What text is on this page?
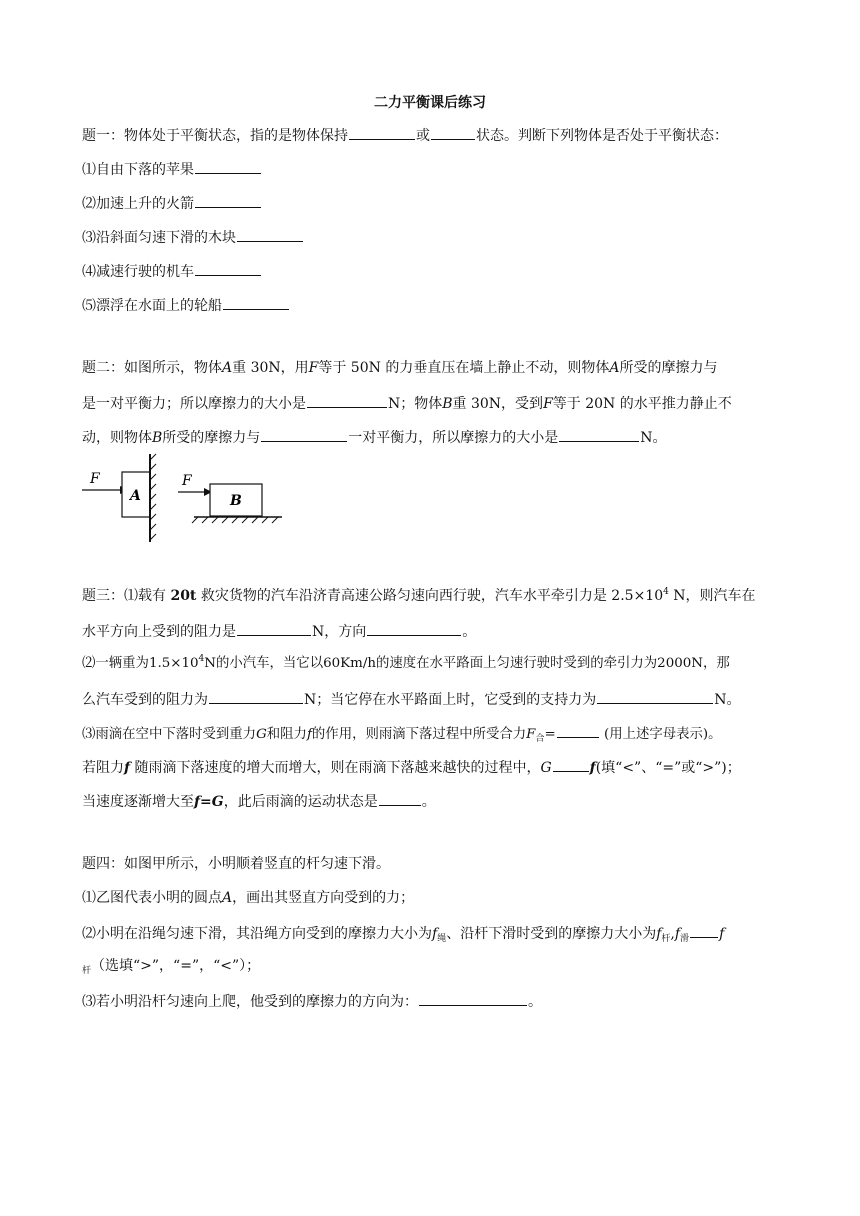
二力平衡课后练习
题一：物体处于平衡状态，指的是物体保持	或	状态。判断下列物体是否处于平衡状态：
⑴自由下落的苹果
⑵加速上升的火箭
⑶沿斜面匀速下滑的木块
⑷减速行驶的机车
⑸漂浮在水面上的轮船
题二：如图所示，物体A重 30N，用F等于 50N 的力垂直压在墙上静止不动，则物体A所受的摩擦力与
是一对平衡力；所以摩擦力的大小是	N；物体B重 30N，受到F等于 20N 的水平推力静止不
动，则物体B所受的摩擦力与	一对平衡力，所以摩擦力的大小是	N。
F
A
F
B
题三：⑴载有 20t 救灾货物的汽车沿济青高速公路匀速向西行驶，汽车水平牵引力是 $2.5\times 10^4$ N，则汽车在
水平方向上受到的阻力是	N，方向	。
⑵一辆重为$1.5\times 10^4N$的小汽车，当它以60Km/h的速度在水平路面上匀速行驶时受到的牵引力为2000N，那
么汽车受到的阻力为	N；当它停在水平路面上时，它受到的支持力为	N。
⑶雨滴在空中下落时受到重力G和阻力f的作用，则雨滴下落过程中所受合力$F_合=$	(用上述字母表示)。
若阻力f 随雨滴下落速度的增大而增大，则在雨滴下落越来越快的过程中，G	f(填“<”、“=”或“>”)；
当速度逐渐增大至f=G，此后雨滴的运动状态是	。
题四：如图甲所示，小明顺着竖直的杆匀速下滑。
⑴乙图代表小明的圆点A，画出其竖直方向受到的力；
⑵小明在沿绳匀速下滑，其沿绳方向受到的摩擦力大小为$f_绳$、沿杆下滑时受到的摩擦力大小为$f_杆,f_滑$ f
$_杆$（选填“>”，“=”，“<”）；
⑶若小明沿杆匀速向上爬，他受到的摩擦力的方向为：	。
